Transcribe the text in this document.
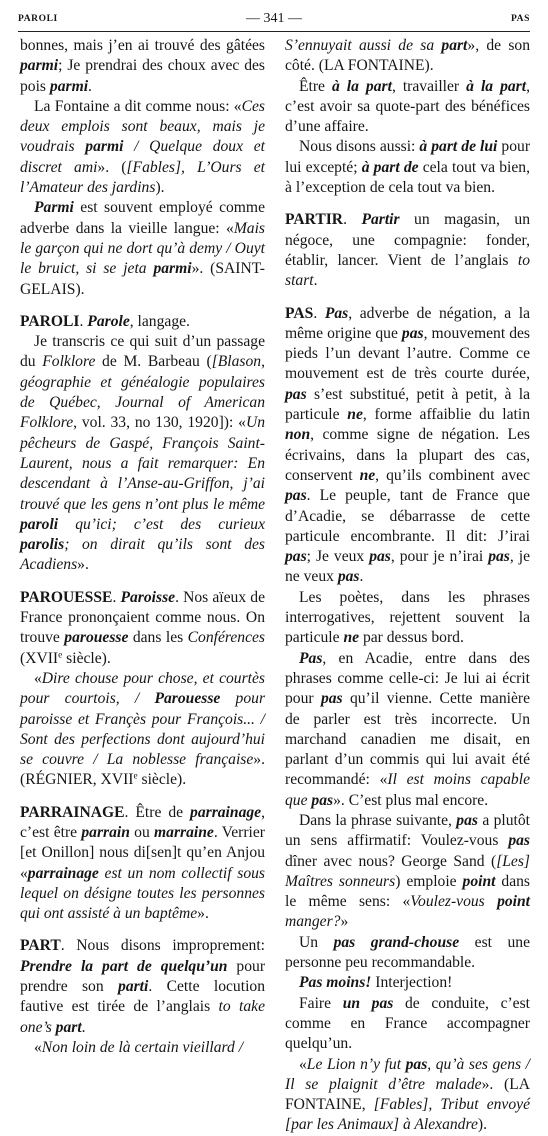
PAROLI	— 341 —	PAS

bonnes, mais j’en ai trouvé des gâtées parmi; Je prendrai des choux avec des pois parmi.

La Fontaine a dit comme nous: «Ces deux emplois sont beaux, mais je voudrais parmi / Quelque doux et discret ami». ([Fables], L’Ours et l’Amateur des jardins).

Parmi est souvent employé comme adverbe dans la vieille langue: «Mais le garçon qui ne dort qu’à demy / Ouyt le bruict, si se jeta parmi». (SAINT-GELAIS).

PAROLI. Parole, langage.

Je transcris ce qui suit d’un passage du Folklore de M. Barbeau ([Blason, géographie et généalogie populaires de Québec, Journal of American Folklore, vol. 33, no 130, 1920]): «Un pêcheurs de Gaspé, François Saint-Laurent, nous a fait remarquer: En descendant à l’Anse-au-Griffon, j’ai trouvé que les gens n’ont plus le même paroli qu’ici; c’est des curieux parolis; on dirait qu’ils sont des Acadiens».

PAROUESSE. Paroisse. Nos aïeux de France prononçaient comme nous. On trouve parouesse dans les Conférences (XVIIe siècle).

«Dire chouse pour chose, et courtès pour courtois, / Parouesse pour paroisse et Françès pour François... / Sont des perfections dont aujourd’hui se couvre / La noblesse française». (RÉGNIER, XVIIe siècle).

PARRAINAGE. Être de parrainage, c’est être parrain ou marraine. Verrier [et Onillon] nous di[sen]t qu’en Anjou «parrainage est un nom collectif sous lequel on désigne toutes les personnes qui ont assisté à un baptême».

PART. Nous disons improprement: Prendre la part de quelqu’un pour prendre son parti. Cette locution fautive est tirée de l’anglais to take one’s part.

«Non loin de là certain vieillard /

S’ennuyait aussi de sa part», de son côté. (LA FONTAINE).

Être à la part, travailler à la part, c’est avoir sa quote-part des bénéfices d’une affaire.

Nous disons aussi: à part de lui pour lui excepté; à part de cela tout va bien, à l’exception de cela tout va bien.

PARTIR. Partir un magasin, un négoce, une compagnie: fonder, établir, lancer. Vient de l’anglais to start.

PAS. Pas, adverbe de négation, a la même origine que pas, mouvement des pieds l’un devant l’autre. Comme ce mouvement est de très courte durée, pas s’est substitué, petit à petit, à la particule ne, forme affaiblie du latin non, comme signe de négation. Les écrivains, dans la plupart des cas, conservent ne, qu’ils combinent avec pas. Le peuple, tant de France que d’Acadie, se débarrasse de cette particule encombrante. Il dit: J’irai pas; Je veux pas, pour je n’irai pas, je ne veux pas.

Les poètes, dans les phrases interrogatives, rejettent souvent la particule ne par dessus bord.

Pas, en Acadie, entre dans des phrases comme celle-ci: Je lui ai écrit pour pas qu’il vienne. Cette manière de parler est très incorrecte. Un marchand canadien me disait, en parlant d’un commis qui lui avait été recommandé: «Il est moins capable que pas». C’est plus mal encore.

Dans la phrase suivante, pas a plutôt un sens affirmatif: Voulez-vous pas dîner avec nous? George Sand ([Les] Maîtres sonneurs) emploie point dans le même sens: «Voulez-vous point manger?»

Un pas grand-chouse est une personne peu recommandable.

Pas moins! Interjection!

Faire un pas de conduite, c’est comme en France accompagner quelqu’un.

«Le Lion n’y fut pas, qu’à ses gens / Il se plaignit d’être malade». (LA FONTAINE, [Fables], Tribut envoyé [par les Animaux] à Alexandre).
